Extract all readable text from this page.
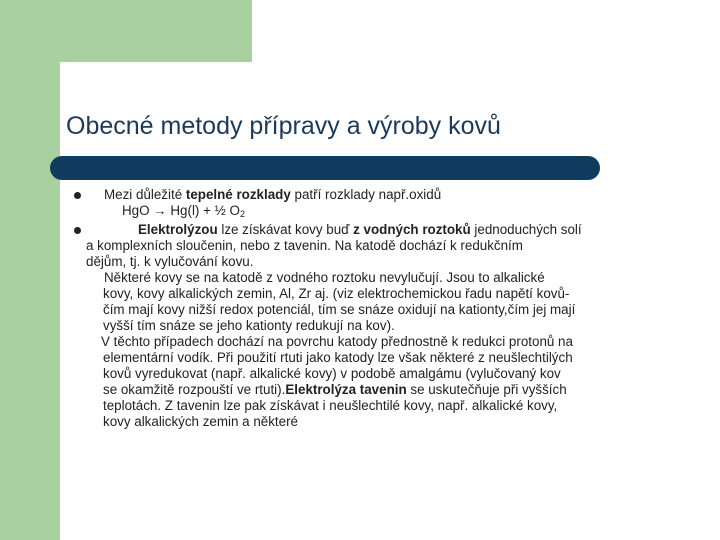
Obecné metody přípravy a výroby kovů
Mezi důležité tepelné rozklady patří rozklady např.oxidů
HgO → Hg(l) + ½ $O_2$
Elektrolýzou lze získávat kovy buď z vodných roztoků jednoduchých solí
a komplexních sloučenin, nebo z tavenin. Na katodě dochází k redukčním
dějům, tj. k vylučování kovu.
Některé kovy se na katodě z vodného roztoku nevylučují. Jsou to alkalické
kovy, kovy alkalických zemin, Al, Zr aj. (viz elektrochemickou řadu napětí kovů-
čím mají kovy nižší redox potenciál, tím se snáze oxidují na kationty,čím jej mají
vyšší tím snáze se jeho kationty redukují na kov).
V těchto případech dochází na povrchu katody přednostně k redukci protonů na
elementární vodík. Při použití rtuti jako katody lze však některé z neušlechtilých
kovů vyredukovat (např. alkalické kovy) v podobě amalgámu (vylučovaný kov
se okamžitě rozpouští ve rtuti).Elektrolýza tavenin se uskutečňuje při vyšších
teplotách. Z tavenin lze pak získávat i neušlechtilé kovy, např. alkalické kovy,
kovy alkalických zemin a některé
